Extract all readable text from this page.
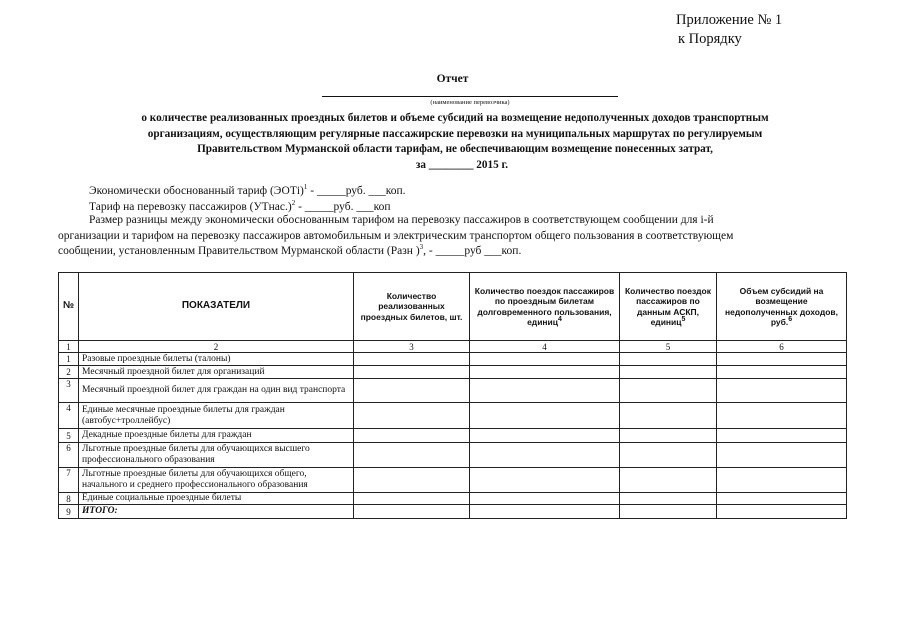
Приложение № 1
к Порядку
Отчет
(наименование перевозчика)
о количестве реализованных проездных билетов и объеме субсидий на возмещение недополученных доходов транспортным
организациям, осуществляющим регулярные пассажирские перевозки на муниципальных маршрутах по регулируемым
Правительством Мурманской области тарифам, не обеспечивающим возмещение понесенных затрат,
за ________ 2015 г.
Экономически обоснованный тариф (ЭОТi)$^1$ - _____руб. ___коп.
Тариф на перевозку пассажиров (УТнас.)$^2$ - _____руб. ___коп
Размер разницы между экономически обоснованным тарифом на перевозку пассажиров в соответствующем сообщении для i-й
организации и тарифом на перевозку пассажиров автомобильным и электрическим транспортом общего пользования в соответствующем
сообщении, установленным Правительством Мурманской области (Разн )$^3$, - _____руб ___коп.
№	ПОКАЗАТЕЛИ	Количество реализованных проездных билетов, шт.	Количество поездок пассажиров по проездным билетам долговременного пользования, единиц$^4$	Количество поездок пассажиров по данным АСКП, единиц$^5$	Объем субсидий на возмещение недополученных доходов, руб.$^6$
1	2	3	4	5	6
1	Разовые проездные билеты (талоны)				
2	Месячный проездной билет для организаций				
3	Месячный проездной билет для граждан на один вид транспорта				
4	Единые месячные проездные билеты для граждан (автобус+троллейбус)				
5	Декадные проездные билеты для граждан				
6	Льготные проездные билеты для обучающихся высшего профессионального образования				
7	Льготные проездные билеты для обучающихся общего, начального и среднего профессионального образования				
8	Единые социальные проездные билеты				
9	ИТОГО:				
